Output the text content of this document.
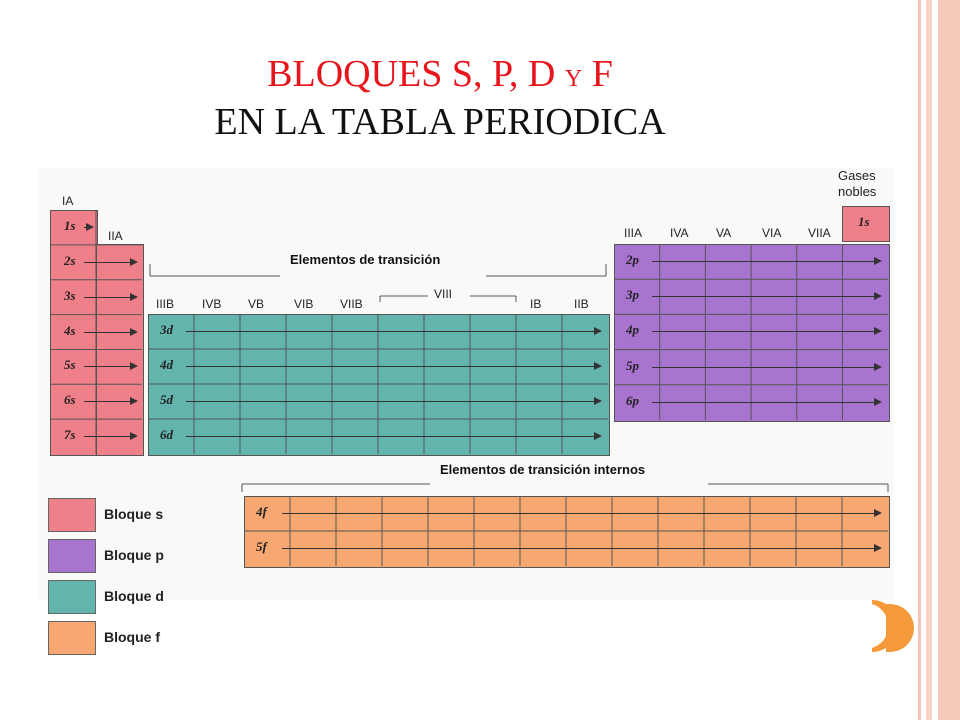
BLOQUES S, P, D Y F
EN LA TABLA PERIODICA
IA
IIA
Gases
nobles
IIIA IVA VA	VIA VIIA
IIIB IVB VB VIB VIIB	IB	IIB
Elementos de transición
VIII
Elementos de transición internos
1s
2s
3s
4s
5s
6s
7s
1s
2p
3p
4p
5p
6p
3d
4d
5d
6d
4f
5f
Bloque s
Bloque p
Bloque d
Bloque f
